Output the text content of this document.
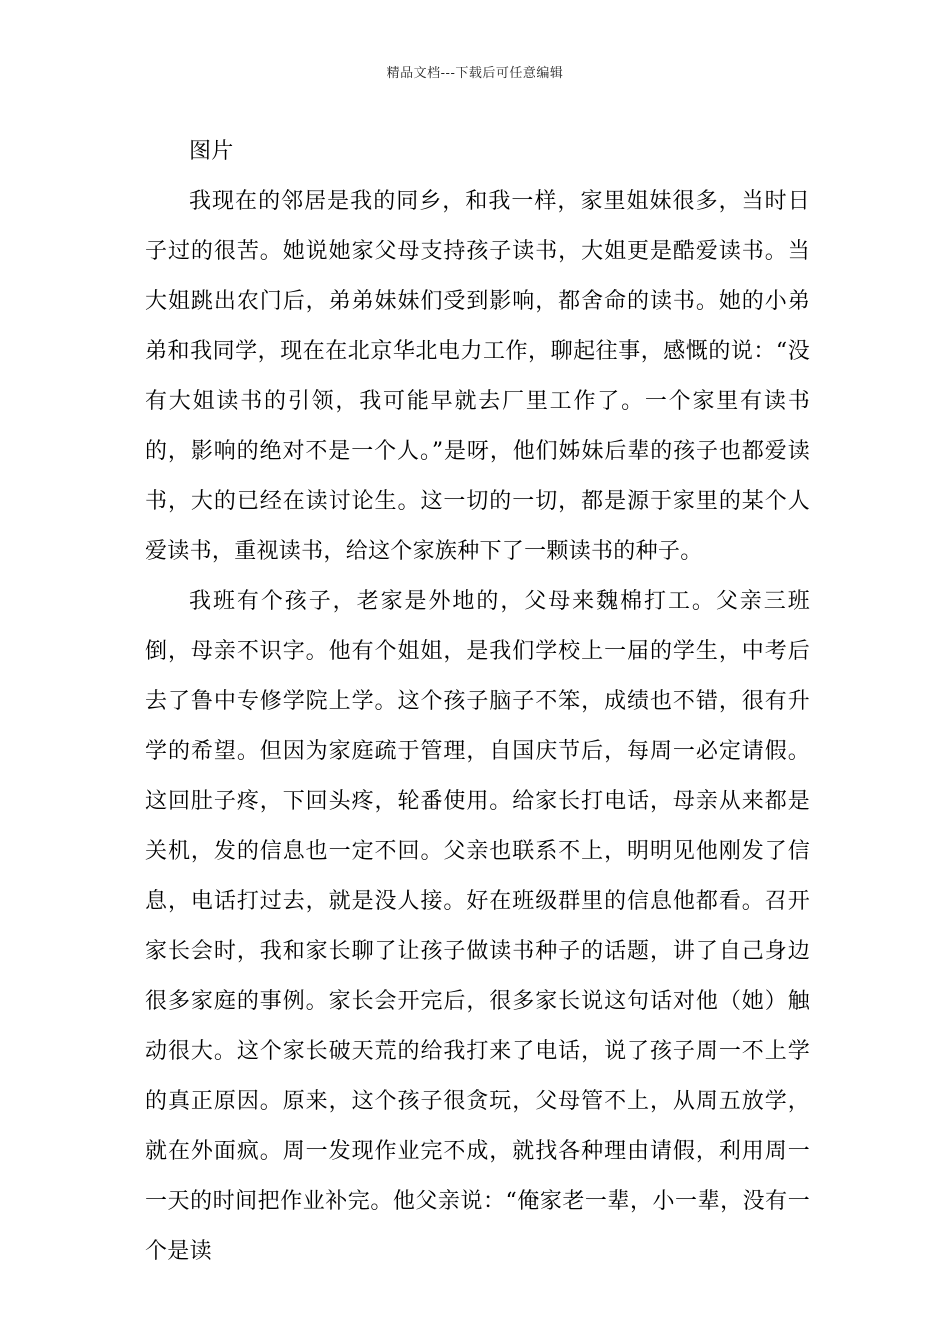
精品文档---下载后可任意编辑

图片

我现在的邻居是我的同乡，和我一样，家里姐妹很多，当时日子过的很苦。她说她家父母支持孩子读书，大姐更是酷爱读书。当大姐跳出农门后，弟弟妹妹们受到影响，都舍命的读书。她的小弟弟和我同学，现在在北京华北电力工作，聊起往事，感慨的说：“没有大姐读书的引领，我可能早就去厂里工作了。一个家里有读书的，影响的绝对不是一个人。”是呀，他们姊妹后辈的孩子也都爱读书，大的已经在读讨论生。这一切的一切，都是源于家里的某个人爱读书，重视读书，给这个家族种下了一颗读书的种子。

我班有个孩子，老家是外地的，父母来魏棉打工。父亲三班倒，母亲不识字。他有个姐姐，是我们学校上一届的学生，中考后去了鲁中专修学院上学。这个孩子脑子不笨，成绩也不错，很有升学的希望。但因为家庭疏于管理，自国庆节后，每周一必定请假。这回肚子疼，下回头疼，轮番使用。给家长打电话，母亲从来都是关机，发的信息也一定不回。父亲也联系不上，明明见他刚发了信息，电话打过去，就是没人接。好在班级群里的信息他都看。召开家长会时，我和家长聊了让孩子做读书种子的话题，讲了自己身边很多家庭的事例。家长会开完后，很多家长说这句话对他（她）触动很大。这个家长破天荒的给我打来了电话，说了孩子周一不上学的真正原因。原来，这个孩子很贪玩，父母管不上，从周五放学，就在外面疯。周一发现作业完不成，就找各种理由请假，利用周一一天的时间把作业补完。他父亲说：“俺家老一辈，小一辈，没有一个是读
